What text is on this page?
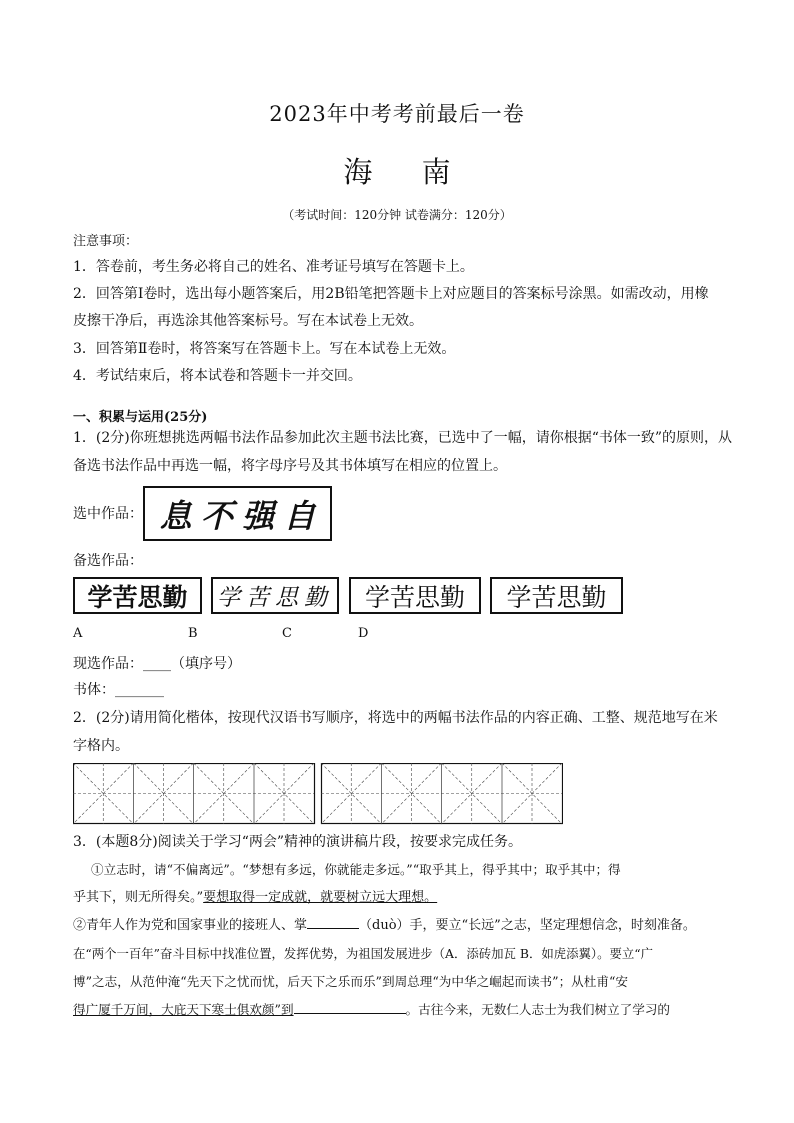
2023年中考考前最后一卷
海 南
（考试时间：120分钟 试卷满分：120分）
注意事项：
1．答卷前，考生务必将自己的姓名、准考证号填写在答题卡上。
2．回答第Ⅰ卷时，选出每小题答案后，用2B铅笔把答题卡上对应题目的答案标号涂黑。如需改动，用橡
皮擦干净后，再选涂其他答案标号。写在本试卷上无效。
3．回答第Ⅱ卷时，将答案写在答题卡上。写在本试卷上无效。
4．考试结束后，将本试卷和答题卡一并交回。
一、积累与运用(25分)
1．(2分)你班想挑选两幅书法作品参加此次主题书法比赛，已选中了一幅，请你根据“书体一致”的原则，从
备选书法作品中再选一幅，将字母序号及其书体填写在相应的位置上。
选中作品：	自
强
不
息
备选作品：
学苦思勤 学苦思勤 学苦思勤 学苦思勤
A	B	C	D
现选作品：____（填序号）
书体：_______
2．(2分)请用简化楷体，按现代汉语书写顺序，将选中的两幅书法作品的内容正确、工整、规范地写在米
字格内。
3．(本题8分)阅读关于学习“两会”精神的演讲稿片段，按要求完成任务。
①立志时，请“不偏离远”。“梦想有多远，你就能走多远。”“取乎其上，得乎其中；取乎其中；得
乎其下，则无所得矣。”要想取得一定成就，就要树立远大理想。
②青年人作为党和国家事业的接班人、掌	（duò）手，要立“长远”之志，坚定理想信念，时刻准备。
在“两个一百年”奋斗目标中找准位置，发挥优势，为祖国发展进步（A．添砖加瓦 B．如虎添翼）。要立“广
博”之志，从范仲淹“先天下之忧而忧，后天下之乐而乐”到周总理“为中华之崛起而读书”；从杜甫“安
得广厦千万间，大庇天下寒士俱欢颜”到	。古往今来，无数仁人志士为我们树立了学习的
